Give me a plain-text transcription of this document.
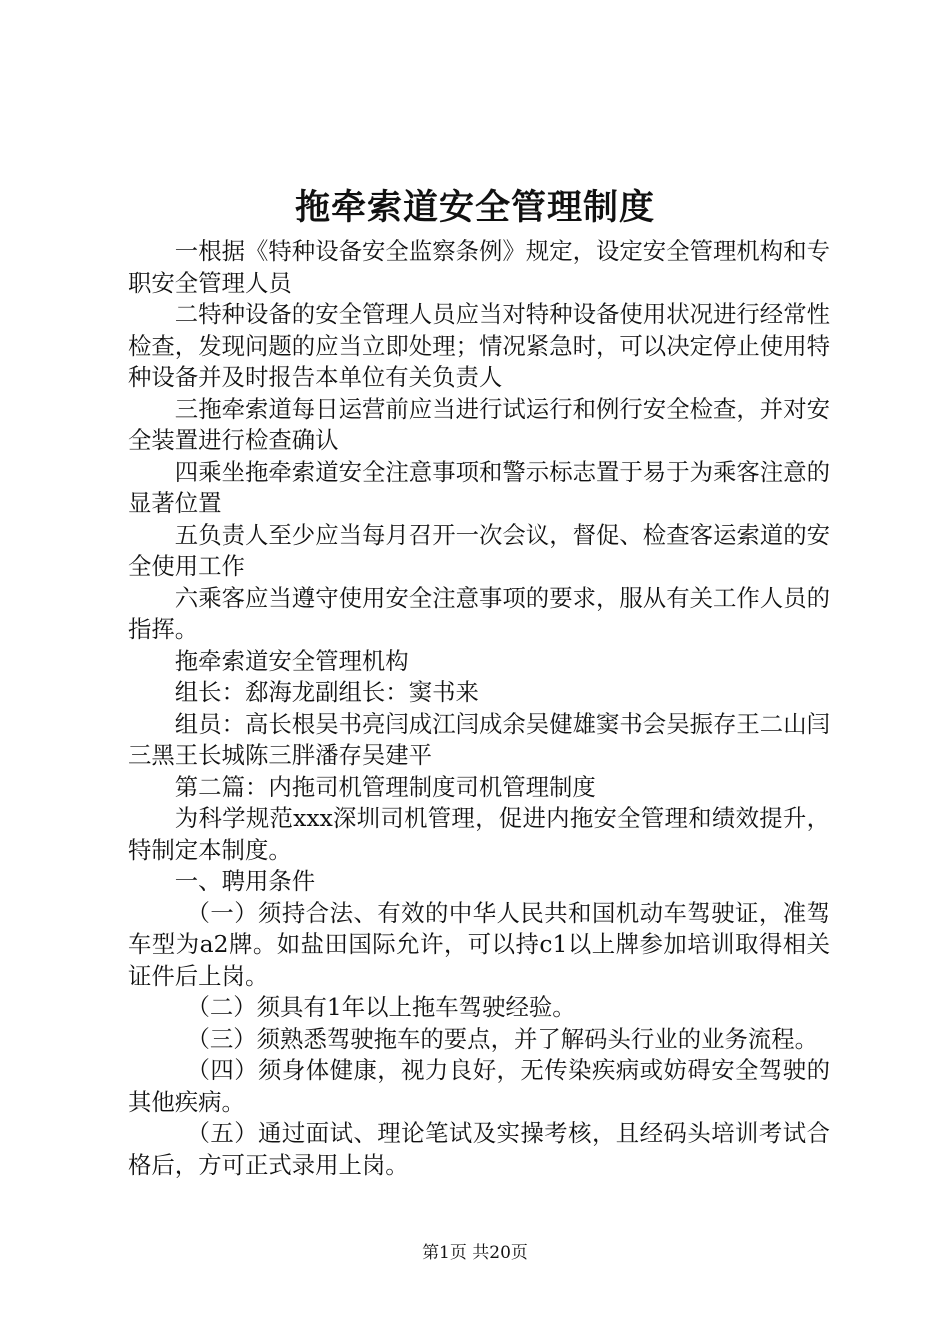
拖牵索道安全管理制度

一根据《特种设备安全监察条例》规定，设定安全管理机构和专职安全管理人员

二特种设备的安全管理人员应当对特种设备使用状况进行经常性检查，发现问题的应当立即处理；情况紧急时，可以决定停止使用特种设备并及时报告本单位有关负责人

三拖牵索道每日运营前应当进行试运行和例行安全检查，并对安全装置进行检查确认

四乘坐拖牵索道安全注意事项和警示标志置于易于为乘客注意的显著位置

五负责人至少应当每月召开一次会议，督促、检查客运索道的安全使用工作

六乘客应当遵守使用安全注意事项的要求，服从有关工作人员的指挥。

拖牵索道安全管理机构

组长：郄海龙副组长：窦书来

组员：高长根吴书亮闫成江闫成余吴健雄窦书会吴振存王二山闫三黑王长城陈三胖潘存吴建平

第二篇：内拖司机管理制度司机管理制度

为科学规范xxx深圳司机管理，促进内拖安全管理和绩效提升，特制定本制度。

一、聘用条件

（一）须持合法、有效的中华人民共和国机动车驾驶证，准驾车型为a2牌。如盐田国际允许，可以持c1以上牌参加培训取得相关证件后上岗。

（二）须具有1年以上拖车驾驶经验。

（三）须熟悉驾驶拖车的要点，并了解码头行业的业务流程。

（四）须身体健康，视力良好，无传染疾病或妨碍安全驾驶的其他疾病。

（五）通过面试、理论笔试及实操考核，且经码头培训考试合格后，方可正式录用上岗。

第1页 共20页
